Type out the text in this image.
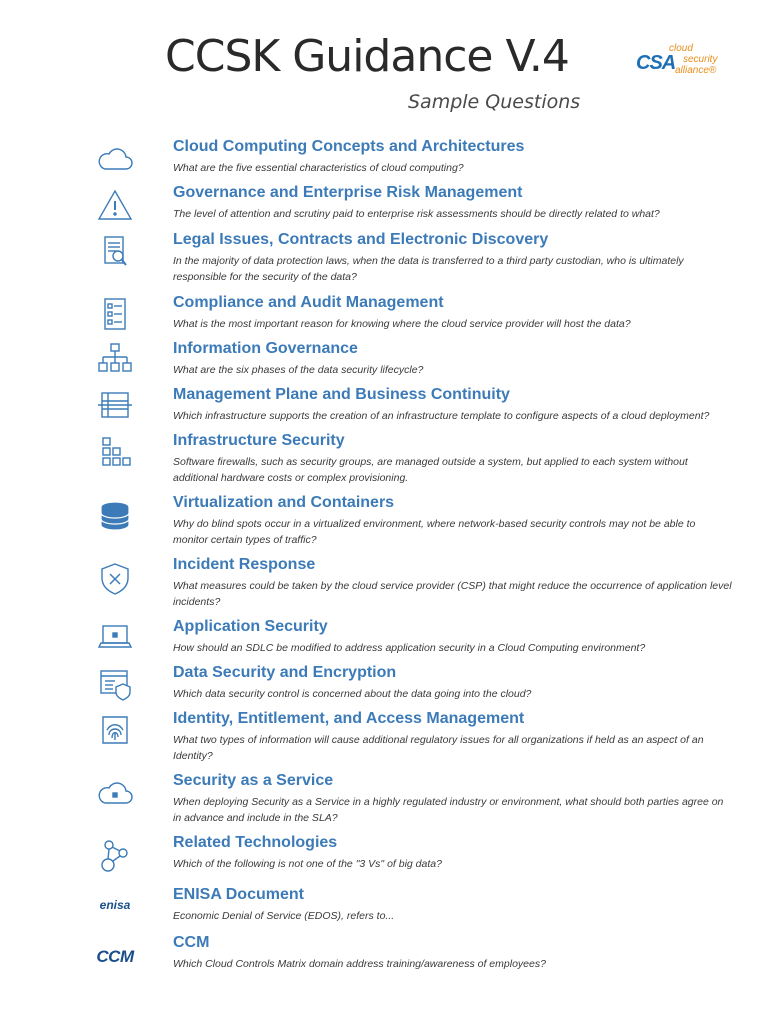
CCSK Guidance V.4
Sample Questions
CSA
cloud
security
alliance®
Cloud Computing Concepts and Architectures
What are the five essential characteristics of cloud computing?
Governance and Enterprise Risk Management
The level of attention and scrutiny paid to enterprise risk assessments should be directly related to what?
Legal Issues, Contracts and Electronic Discovery
In the majority of data protection laws, when the data is transferred to a third party custodian, who is ultimately responsible for the security of the data?
Compliance and Audit Management
What is the most important reason for knowing where the cloud service provider will host the data?
Information Governance
What are the six phases of the data security lifecycle?
Management Plane and Business Continuity
Which infrastructure supports the creation of an infrastructure template to configure aspects of a cloud deployment?
Infrastructure Security
Software firewalls, such as security groups, are managed outside a system, but applied to each system without additional hardware costs or complex provisioning.
Virtualization and Containers
Why do blind spots occur in a virtualized environment, where network-based security controls may not be able to monitor certain types of traffic?
Incident Response
What measures could be taken by the cloud service provider (CSP) that might reduce the occurrence of application level incidents?
Application Security
How should an SDLC be modified to address application security in a Cloud Computing environment?
Data Security and Encryption
Which data security control is concerned about the data going into the cloud?
Identity, Entitlement, and Access Management
What two types of information will cause additional regulatory issues for all organizations if held as an aspect of an Identity?
Security as a Service
When deploying Security as a Service in a highly regulated industry or environment, what should both parties agree on in advance and include in the SLA?
Related Technologies
Which of the following is not one of the "3 Vs" of big data?
enisa
ENISA Document
Economic Denial of Service (EDOS), refers to...
CCM
CCM
Which Cloud Controls Matrix domain address training/awareness of employees?
